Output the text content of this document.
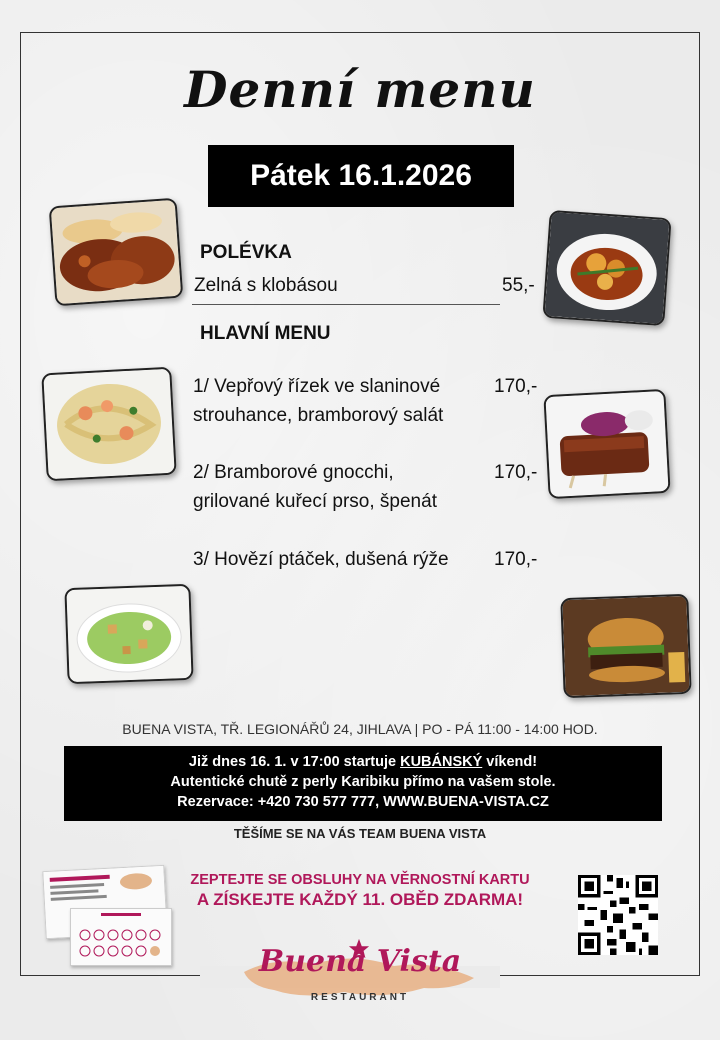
Denní menu
Pátek 16.1.2026
POLÉVKA
Zelná s klobásou	55,-
HLAVNÍ MENU
1/ Vepřový řízek ve slaninové
strouhance, bramborový salát
170,-
2/ Bramborové gnocchi,
grilované kuřecí prso, špenát
170,-
3/ Hovězí ptáček, dušená rýže 170,-
BUENA VISTA, TŘ. LEGIONÁŘŮ 24, JIHLAVA | PO - PÁ 11:00 - 14:00 HOD.
Již dnes 16. 1. v 17:00 startuje KUBÁNSKÝ víkend!
Autentické chutě z perly Karibiku přímo na vašem stole.
Rezervace: +420 730 577 777, WWW.BUENA-VISTA.CZ
TĚŠÍME SE NA VÁS TEAM BUENA VISTA
ZEPTEJTE SE OBSLUHY NA VĚRNOSTNÍ KARTU
A ZÍSKEJTE KAŽDÝ 11. OBĚD ZDARMA!
Buena Vista
RESTAURANT
